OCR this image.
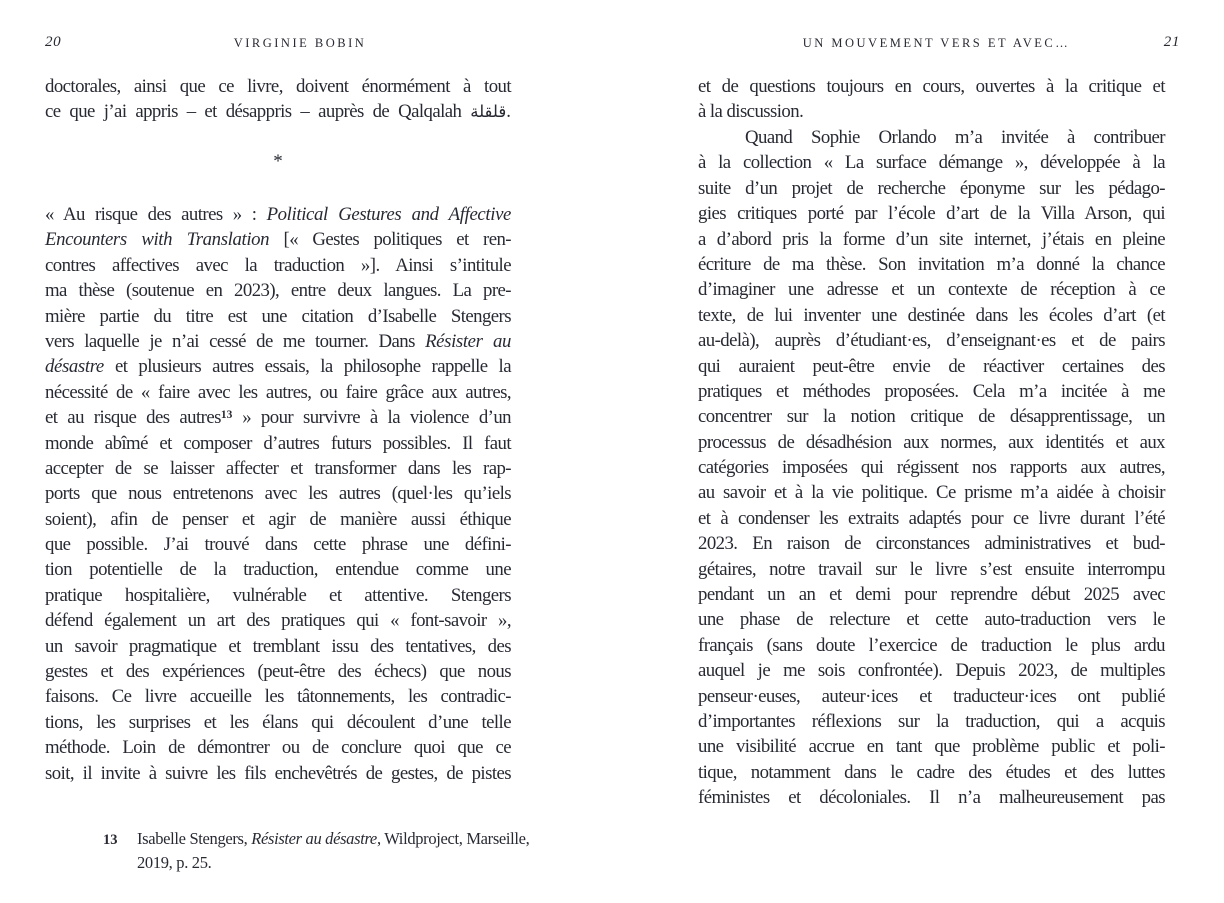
20	VIRGINIE BOBIN
doctorales, ainsi que ce livre, doivent énormément à tout
ce que j’ai appris – et désappris – auprès de Qalqalah قلقلة.
*
« Au risque des autres » : Political Gestures and Affective
Encounters with Translation [« Gestes politiques et ren-
contres affectives avec la traduction »]. Ainsi s’intitule
ma thèse (soutenue en 2023), entre deux langues. La pre-
mière partie du titre est une citation d’Isabelle Stengers
vers laquelle je n’ai cessé de me tourner. Dans Résister au
désastre et plusieurs autres essais, la philosophe rappelle la
nécessité de « faire avec les autres, ou faire grâce aux autres,
et au risque des autres$^{13}$ » pour survivre à la violence d’un
monde abîmé et composer d’autres futurs possibles. Il faut
accepter de se laisser affecter et transformer dans les rap-
ports que nous entretenons avec les autres (quel·les qu’iels
soient), afin de penser et agir de manière aussi éthique
que possible. J’ai trouvé dans cette phrase une défini-
tion potentielle de la traduction, entendue comme une
pratique hospitalière, vulnérable et attentive. Stengers
défend également un art des pratiques qui « font-savoir »,
un savoir pragmatique et tremblant issu des tentatives, des
gestes et des expériences (peut-être des échecs) que nous
faisons. Ce livre accueille les tâtonnements, les contradic-
tions, les surprises et les élans qui découlent d’une telle
méthode. Loin de démontrer ou de conclure quoi que ce
soit, il invite à suivre les fils enchevêtrés de gestes, de pistes
13 Isabelle Stengers, Résister au désastre, Wildproject, Marseille,
2019, p. 25.
UN MOUVEMENT VERS ET AVEC…	21
et de questions toujours en cours, ouvertes à la critique et
à la discussion.
Quand Sophie Orlando m’a invitée à contribuer
à la collection « La surface démange », développée à la
suite d’un projet de recherche éponyme sur les pédago-
gies critiques porté par l’école d’art de la Villa Arson, qui
a d’abord pris la forme d’un site internet, j’étais en pleine
écriture de ma thèse. Son invitation m’a donné la chance
d’imaginer une adresse et un contexte de réception à ce
texte, de lui inventer une destinée dans les écoles d’art (et
au-delà), auprès d’étudiant·es, d’enseignant·es et de pairs
qui auraient peut-être envie de réactiver certaines des
pratiques et méthodes proposées. Cela m’a incitée à me
concentrer sur la notion critique de désapprentissage, un
processus de désadhésion aux normes, aux identités et aux
catégories imposées qui régissent nos rapports aux autres,
au savoir et à la vie politique. Ce prisme m’a aidée à choisir
et à condenser les extraits adaptés pour ce livre durant l’été
2023. En raison de circonstances administratives et bud-
gétaires, notre travail sur le livre s’est ensuite interrompu
pendant un an et demi pour reprendre début 2025 avec
une phase de relecture et cette auto-traduction vers le
français (sans doute l’exercice de traduction le plus ardu
auquel je me sois confrontée). Depuis 2023, de multiples
penseur·euses, auteur·ices et traducteur·ices ont publié
d’importantes réflexions sur la traduction, qui a acquis
une visibilité accrue en tant que problème public et poli-
tique, notamment dans le cadre des études et des luttes
féministes et décoloniales. Il n’a malheureusement pas
